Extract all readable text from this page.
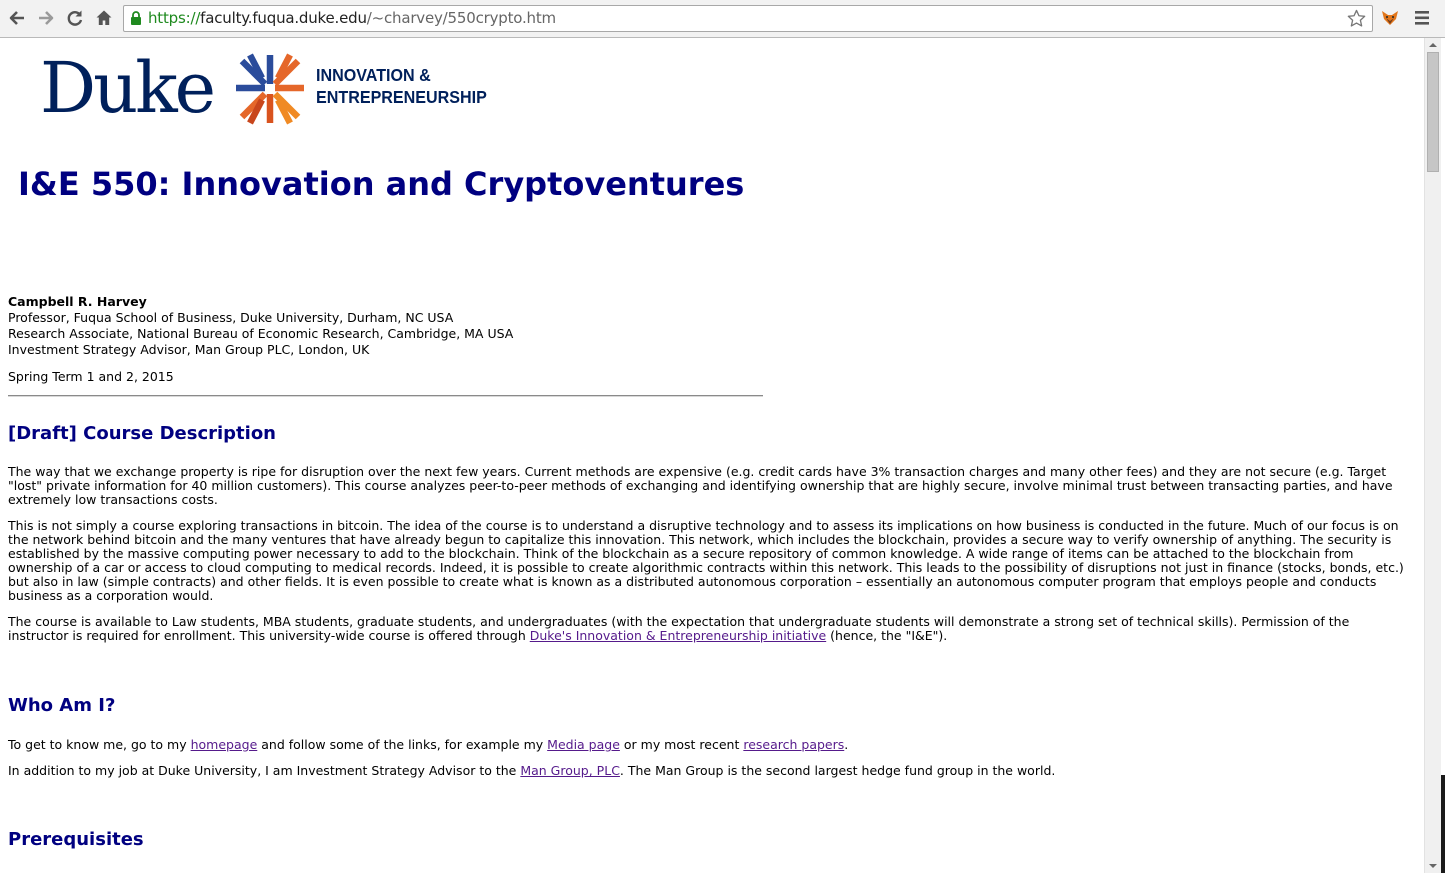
https://faculty.fuqua.duke.edu/~charvey/550crypto.htm
Duke	INNOVATION &
ENTREPRENEURSHIP
I&E 550: Innovation and Cryptoventures
Campbell R. Harvey
Professor, Fuqua School of Business, Duke University, Durham, NC USA
Research Associate, National Bureau of Economic Research, Cambridge, MA USA
Investment Strategy Advisor, Man Group PLC, London, UK
Spring Term 1 and 2, 2015
[Draft] Course Description
The way that we exchange property is ripe for disruption over the next few years. Current methods are expensive (e.g. credit cards have 3% transaction charges and many other fees) and they are not secure (e.g. Target "lost" private information for 40 million customers). This course analyzes peer-to-peer methods of exchanging and identifying ownership that are highly secure, involve minimal trust between transacting parties, and have extremely low transactions costs.
This is not simply a course exploring transactions in bitcoin. The idea of the course is to understand a disruptive technology and to assess its implications on how business is conducted in the future. Much of our focus is on the network behind bitcoin and the many ventures that have already begun to capitalize this innovation. This network, which includes the blockchain, provides a secure way to verify ownership of anything. The security is established by the massive computing power necessary to add to the blockchain. Think of the blockchain as a secure repository of common knowledge. A wide range of items can be attached to the blockchain from ownership of a car or access to cloud computing to medical records. Indeed, it is possible to create algorithmic contracts within this network. This leads to the possibility of disruptions not just in finance (stocks, bonds, etc.) but also in law (simple contracts) and other fields. It is even possible to create what is known as a distributed autonomous corporation – essentially an autonomous computer program that employs people and conducts business as a corporation would.
The course is available to Law students, MBA students, graduate students, and undergraduates (with the expectation that undergraduate students will demonstrate a strong set of technical skills). Permission of the instructor is required for enrollment. This university-wide course is offered through Duke's Innovation & Entrepreneurship initiative (hence, the "I&E").
Who Am I?
To get to know me, go to my homepage and follow some of the links, for example my Media page or my most recent research papers.
In addition to my job at Duke University, I am Investment Strategy Advisor to the Man Group, PLC. The Man Group is the second largest hedge fund group in the world.
Prerequisites
